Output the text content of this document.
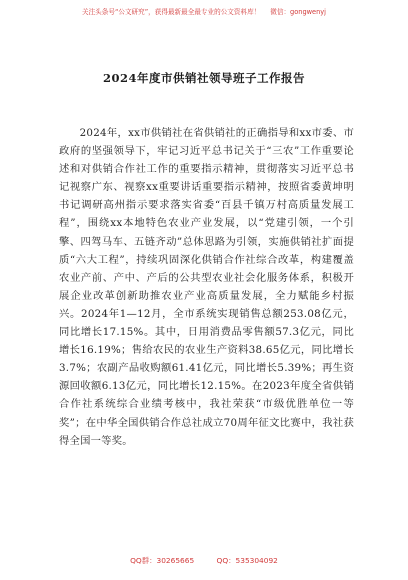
关注头条号“公文研究”，获得最新最全最专业的公文资料库！ 微信：gongwenyj
2024年度市供销社领导班子工作报告

2024年，xx市供销社在省供销社的正确指导和xx市委、市政府的坚强领导下，牢记习近平总书记关于“三农”工作重要论述和对供销合作社工作的重要指示精神，贯彻落实习近平总书记视察广东、视察xx重要讲话重要指示精神，按照省委黄坤明书记调研高州指示要求落实省委“百县千镇万村高质量发展工程”，围绕xx本地特色农业产业发展，以“党建引领，一个引擎、四驾马车、五链齐动”总体思路为引领，实施供销社扩面提质“六大工程”，持续巩固深化供销合作社综合改革，构建覆盖农业产前、产中、产后的公共型农业社会化服务体系，积极开展企业改革创新助推农业产业高质量发展，全力赋能乡村振兴。2024年1—12月，全市系统实现销售总额253.08亿元，同比增长17.15%。其中，日用消费品零售额57.3亿元，同比增长16.19%；售给农民的农业生产资料38.65亿元，同比增长3.7%；农副产品收购额61.41亿元，同比增长5.39%；再生资源回收额6.13亿元，同比增长12.15%。在2023年度全省供销合作社系统综合业绩考核中，我社荣获“市级优胜单位一等奖”；在中华全国供销合作总社成立70周年征文比赛中，我社获得全国一等奖。

QQ群：30265665	QQ：535304092
